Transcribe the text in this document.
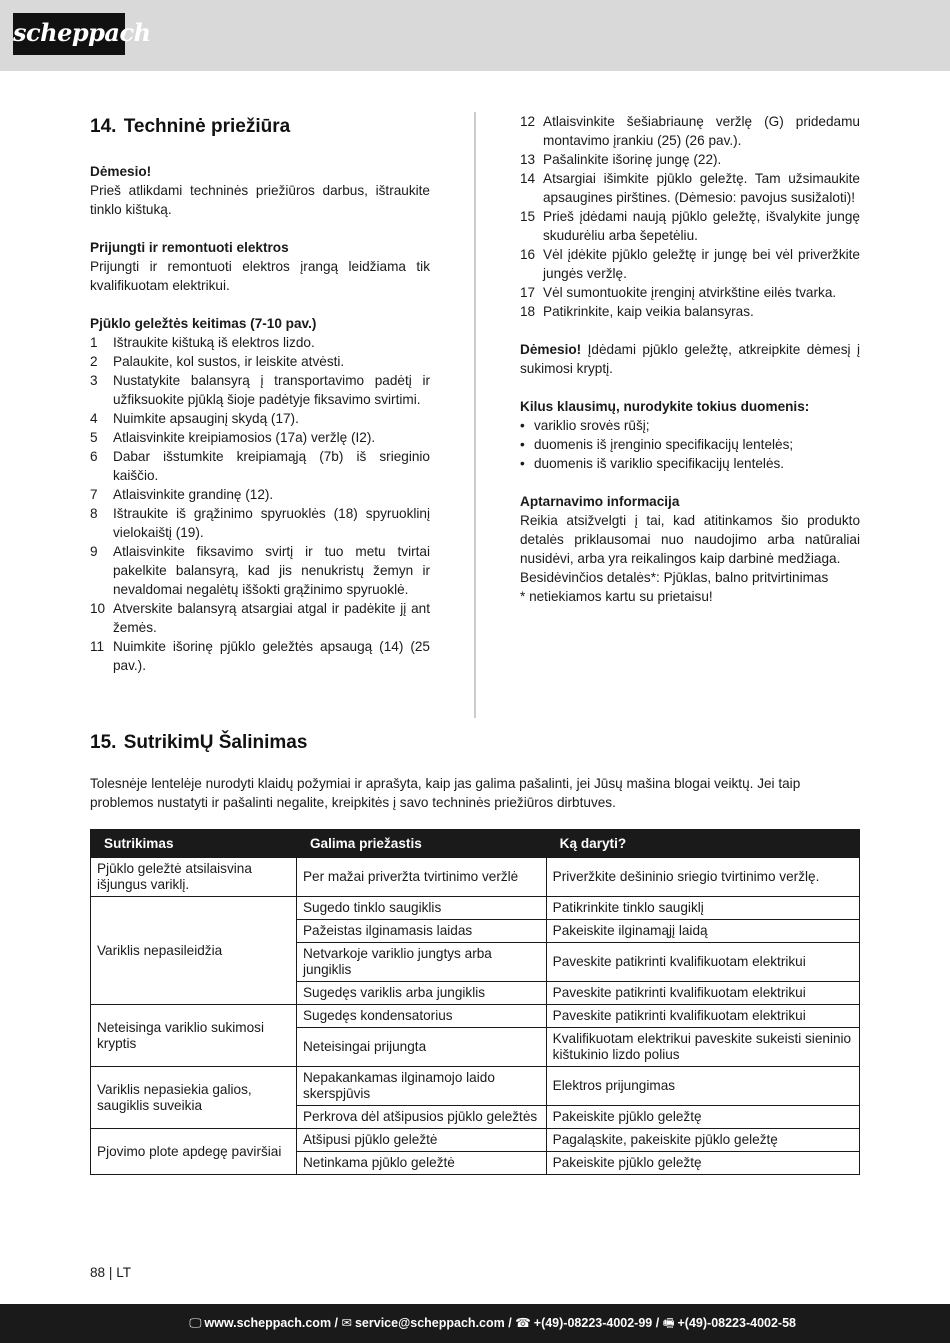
scheppach
14. Techninė priežiūra

Dėmesio!

Prieš atlikdami techninės priežiūros darbus, ištraukite tinklo kištuką.

Prijungti ir remontuoti elektros

Prijungti ir remontuoti elektros įrangą leidžiama tik kvalifikuotam elektrikui.

Pjūklo geležtės keitimas (7-10 pav.)

1 Ištraukite kištuką iš elektros lizdo.
2 Palaukite, kol sustos, ir leiskite atvėsti.
3 Nustatykite balansyrą į transportavimo padėtį ir užfiksuokite pjūklą šioje padėtyje fiksavimo svirtimi.
4 Nuimkite apsauginį skydą (17).
5 Atlaisvinkite kreipiamosios (17a) veržlę (I2).
6 Dabar išstumkite kreipiamąją (7b) iš srieginio kaiščio.
7 Atlaisvinkite grandinę (12).
8 Ištraukite iš grąžinimo spyruoklės (18) spyruoklinį vielokaištį (19).
9 Atlaisvinkite fiksavimo svirtį ir tuo metu tvirtai pakelkite balansyrą, kad jis nenukristų žemyn ir nevaldomai negalėtų iššokti grąžinimo spyruoklė.
10 Atverskite balansyrą atsargiai atgal ir padėkite jį ant žemės.
11 Nuimkite išorinę pjūklo geležtės apsaugą (14) (25 pav.).
12 Atlaisvinkite šešiabriaunę veržlę (G) pridedamu montavimo įrankiu (25) (26 pav.).
13 Pašalinkite išorinę jungę (22).
14 Atsargiai išimkite pjūklo geležtę. Tam užsimaukite apsaugines pirštines. (Dėmesio: pavojus susižaloti)!
15 Prieš įdėdami naują pjūklo geležtę, išvalykite jungę skudurėliu arba šepetėliu.
16 Vėl įdėkite pjūklo geležtę ir jungę bei vėl priveržkite jungės veržlę.
17 Vėl sumontuokite įrenginį atvirkštine eilės tvarka.
18 Patikrinkite, kaip veikia balansyras.

Dėmesio! Įdėdami pjūklo geležtę, atkreipkite dėmesį į sukimosi kryptį.

Kilus klausimų, nurodykite tokius duomenis:

• variklio srovės rūšį;
• duomenis iš įrenginio specifikacijų lentelės;
• duomenis iš variklio specifikacijų lentelės.

Aptarnavimo informacija

Reikia atsižvelgti į tai, kad atitinkamos šio produkto detalės priklausomai nuo naudojimo arba natūraliai nusidėvi, arba yra reikalingos kaip darbinė medžiaga.

Besidėvinčios detalės*: Pjūklas, balno pritvirtinimas

* netiekiamos kartu su prietaisu!

15. SutrikimŲ Šalinimas

Tolesnėje lentelėje nurodyti klaidų požymiai ir aprašyta, kaip jas galima pašalinti, jei Jūsų mašina blogai veiktų. Jei taip problemos nustatyti ir pašalinti negalite, kreipkitės į savo techninės priežiūros dirbtuves.

Sutrikimas	Galima priežastis	Ką daryti?
Pjūklo geležtė atsilaisvina išjungus variklį.	Per mažai priveržta tvirtinimo veržlė	Priveržkite dešininio sriegio tvirtinimo veržlę.
Variklis nepasileidžia	Sugedo tinklo saugiklis	Patikrinkite tinklo saugiklį
	Pažeistas ilginamasis laidas	Pakeiskite ilginamąjį laidą
	Netvarkoje variklio jungtys arba jungiklis	Paveskite patikrinti kvalifikuotam elektrikui
	Sugedęs variklis arba jungiklis	Paveskite patikrinti kvalifikuotam elektrikui
Neteisinga variklio sukimosi kryptis	Sugedęs kondensatorius	Paveskite patikrinti kvalifikuotam elektrikui
	Neteisingai prijungta	Kvalifikuotam elektrikui paveskite sukeisti sieninio kištukinio lizdo polius
Variklis nepasiekia galios, saugiklis suveikia	Nepakankamas ilginamojo laido skerspjūvis	Elektros prijungimas
	Perkrova dėl atšipusios pjūklo geležtės	Pakeiskite pjūklo geležtę
Pjovimo plote apdegę paviršiai	Atšipusi pjūklo geležtė	Pagaląskite, pakeiskite pjūklo geležtę
	Netinkama pjūklo geležtė	Pakeiskite pjūklo geležtę
88 | LT
🖵 www.scheppach.com / ✉ service@scheppach.com / ☎ +(49)-08223-4002-99 / 🖷 +(49)-08223-4002-58
